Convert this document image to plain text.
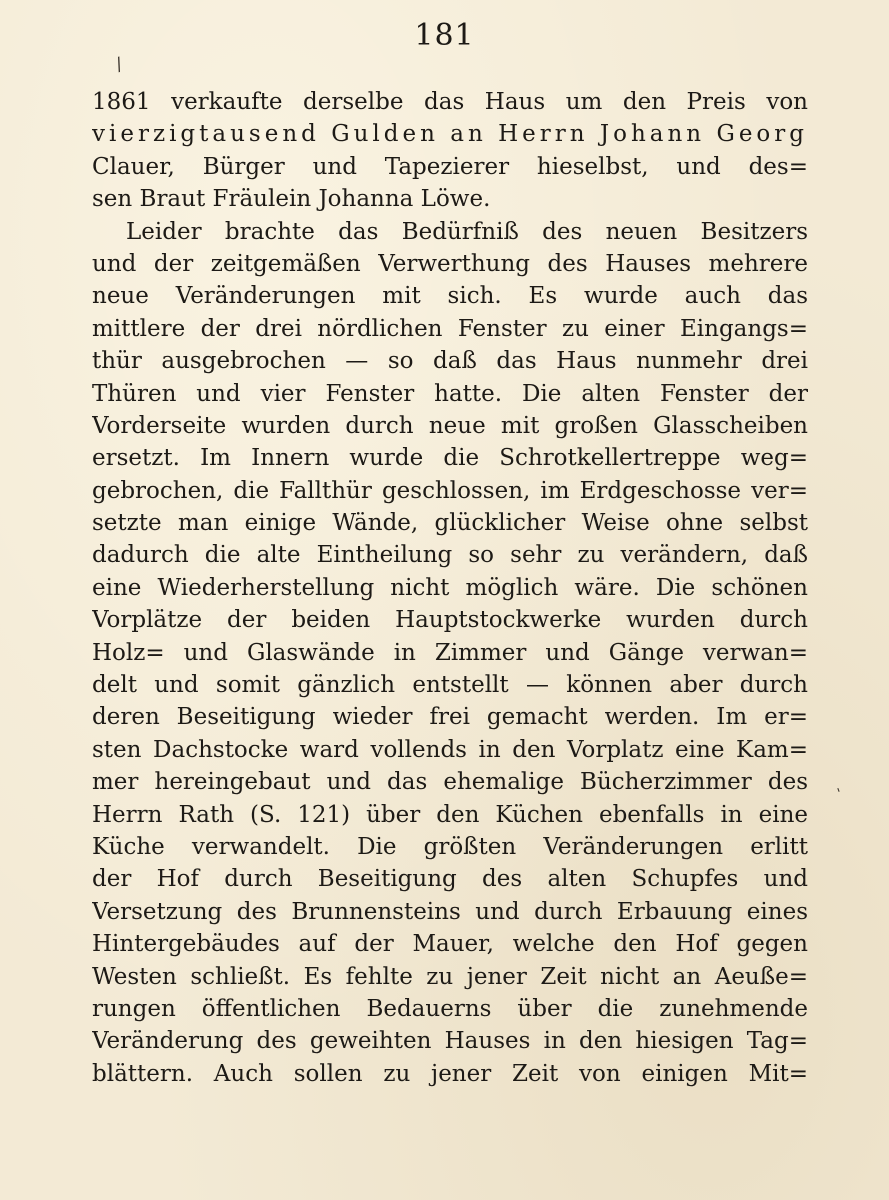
181
/
'
1861 verkaufte derselbe das Haus um den Preis von
vierzigtausend Gulden an Herrn Johann Georg
Clauer, Bürger und Tapezierer hieselbst, und des=
sen Braut Fräulein Johanna Löwe.
Leider brachte das Bedürfniß des neuen Besitzers
und der zeitgemäßen Verwerthung des Hauses mehrere
neue Veränderungen mit sich. Es wurde auch das
mittlere der drei nördlichen Fenster zu einer Eingangs=
thür ausgebrochen — so daß das Haus nunmehr drei
Thüren und vier Fenster hatte. Die alten Fenster der
Vorderseite wurden durch neue mit großen Glasscheiben
ersetzt. Im Innern wurde die Schrotkellertreppe weg=
gebrochen, die Fallthür geschlossen, im Erdgeschosse ver=
setzte man einige Wände, glücklicher Weise ohne selbst
dadurch die alte Eintheilung so sehr zu verändern, daß
eine Wiederherstellung nicht möglich wäre. Die schönen
Vorplätze der beiden Hauptstockwerke wurden durch
Holz= und Glaswände in Zimmer und Gänge verwan=
delt und somit gänzlich entstellt — können aber durch
deren Beseitigung wieder frei gemacht werden. Im er=
sten Dachstocke ward vollends in den Vorplatz eine Kam=
mer hereingebaut und das ehemalige Bücherzimmer des
Herrn Rath (S. 121) über den Küchen ebenfalls in eine
Küche verwandelt. Die größten Veränderungen erlitt
der Hof durch Beseitigung des alten Schupfes und
Versetzung des Brunnensteins und durch Erbauung eines
Hintergebäudes auf der Mauer, welche den Hof gegen
Westen schließt. Es fehlte zu jener Zeit nicht an Aeuße=
rungen öffentlichen Bedauerns über die zunehmende
Veränderung des geweihten Hauses in den hiesigen Tag=
blättern. Auch sollen zu jener Zeit von einigen Mit=
